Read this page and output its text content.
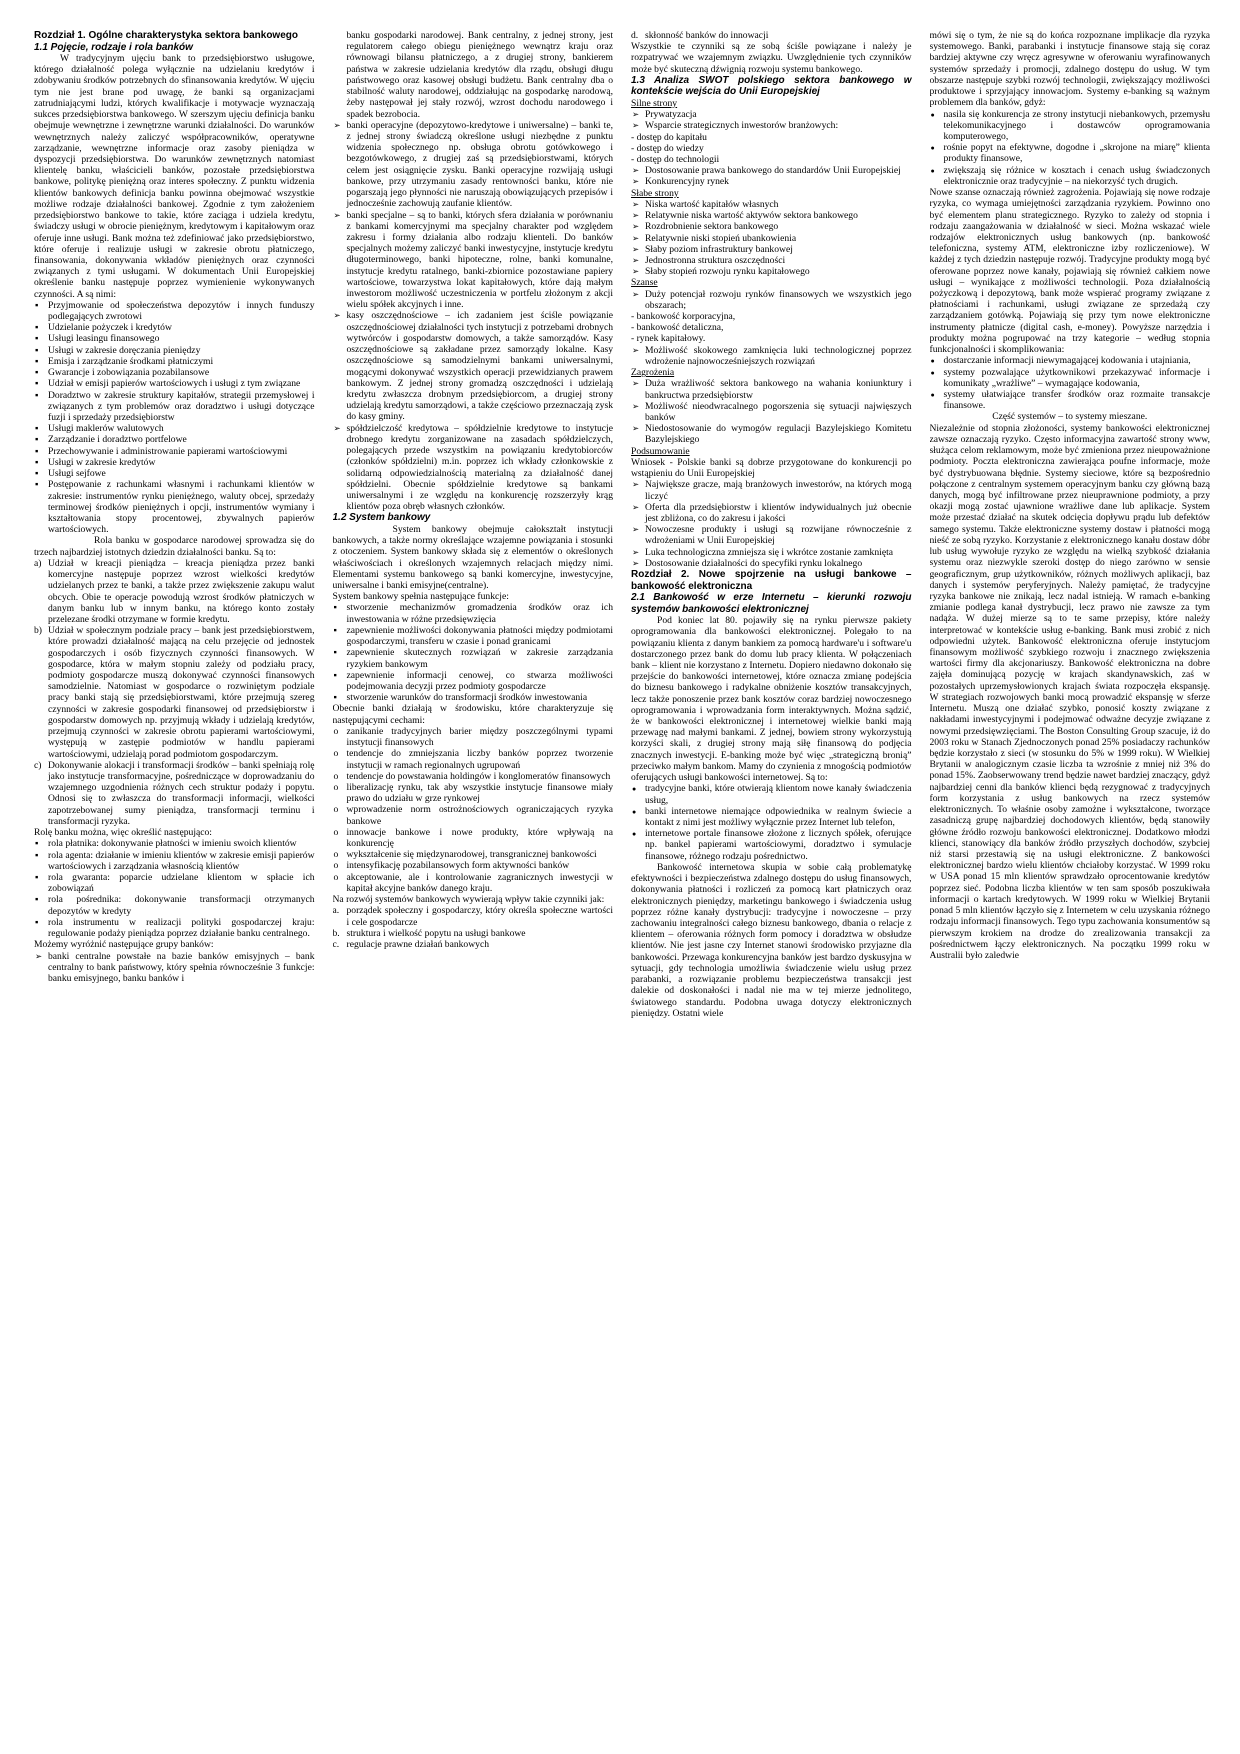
Rozdział 1. Ogólne charakterystyka sektora bankowego

1.1 Pojęcie, rodzaje i rola banków

W tradycyjnym ujęciu bank to przedsiębiorstwo usługowe, którego działalność polega wyłącznie na udzielaniu kredytów i zdobywaniu środków potrzebnych do sfinansowania kredytów. W ujęciu tym nie jest brane pod uwagę, że banki są organizacjami zatrudniającymi ludzi, których kwalifikacje i motywacje wyznaczają sukces przedsiębiorstwa bankowego. W szerszym ujęciu definicja banku obejmuje wewnętrzne i zewnętrzne warunki działalności. Do warunków wewnętrznych należy zaliczyć współpracowników, operatywne zarządzanie, wewnętrzne informacje oraz zasoby pieniądza w dyspozycji przedsiębiorstwa. Do warunków zewnętrznych natomiast klientelę banku, właścicieli banków, pozostałe przedsiębiorstwa bankowe, politykę pieniężną oraz interes społeczny. Z punktu widzenia klientów bankowych definicja banku powinna obejmować wszystkie możliwe rodzaje działalności bankowej. Zgodnie z tym założeniem przedsiębiorstwo bankowe to takie, które zaciąga i udziela kredytu, świadczy usługi w obrocie pieniężnym, kredytowym i kapitałowym oraz oferuje inne usługi. Bank można też zdefiniować jako przedsiębiorstwo, które oferuje i realizuje usługi w zakresie obrotu płatniczego, finansowania, dokonywania wkładów pieniężnych oraz czynności związanych z tymi usługami. W dokumentach Unii Europejskiej określenie banku następuje poprzez wymienienie wykonywanych czynności. A są nimi:

▪ Przyjmowanie od społeczeństwa depozytów i innych funduszy podlegających zwrotowi
▪ Udzielanie pożyczek i kredytów
▪ Usługi leasingu finansowego
▪ Usługi w zakresie doręczania pieniędzy
▪ Emisja i zarządzanie środkami płatniczymi
▪ Gwarancje i zobowiązania pozabilansowe
▪ Udział w emisji papierów wartościowych i usługi z tym związane
▪ Doradztwo w zakresie struktury kapitałów, strategii przemysłowej i związanych z tym problemów oraz doradztwo i usługi dotyczące fuzji i sprzedaży przedsiębiorstw
▪ Usługi maklerów walutowych
▪ Zarządzanie i doradztwo portfelowe
▪ Przechowywanie i administrowanie papierami wartościowymi
▪ Usługi w zakresie kredytów
▪ Usługi sejfowe
▪ Postępowanie z rachunkami własnymi i rachunkami klientów w zakresie: instrumentów rynku pieniężnego, waluty obcej, sprzedaży terminowej środków pieniężnych i opcji, instrumentów wymiany i kształtowania stopy procentowej, zbywalnych papierów wartościowych.

Rola banku w gospodarce narodowej sprowadza się do trzech najbardziej istotnych dziedzin działalności banku. Są to:

a) Udział w kreacji pieniądza – kreacja pieniądza przez banki komercyjne następuje poprzez wzrost wielkości kredytów udzielanych przez te banki, a także przez zwiększenie zakupu walut obcych. Obie te operacje powodują wzrost środków płatniczych w danym banku lub w innym banku, na którego konto zostały przelezane środki otrzymane w formie kredytu.
b) Udział w społecznym podziale pracy – bank jest przedsiębiorstwem, które prowadzi działalność mającą na celu przejęcie od jednostek gospodarczych i osób fizycznych czynności finansowych. W gospodarce, która w małym stopniu zależy od podziału pracy, podmioty gospodarcze muszą dokonywać czynności finansowych samodzielnie. Natomiast w gospodarce o rozwiniętym podziale pracy banki stają się przedsiębiorstwami, które przejmują szereg czynności w zakresie gospodarki finansowej od przedsiębiorstw i gospodarstw domowych np. przyjmują wkłady i udzielają kredytów, przejmują czynności w zakresie obrotu papierami wartościowymi, występują w zastępie podmiotów w handlu papierami wartościowymi, udzielają porad podmiotom gospodarczym.
c) Dokonywanie alokacji i transformacji środków – banki spełniają rolę jako instytucje transformacyjne, pośredniczące w doprowadzaniu do wzajemnego uzgodnienia różnych cech struktur podaży i popytu. Odnosi się to zwłaszcza do transformacji informacji, wielkości zapotrzebowanej sumy pieniądza, transformacji terminu i transformacji ryzyka.

Rolę banku można, więc określić następująco:

▪ rola płatnika: dokonywanie płatności w imieniu swoich klientów
▪ rola agenta: działanie w imieniu klientów w zakresie emisji papierów wartościowych i zarządzania własnością klientów
▪ rola gwaranta: poparcie udzielane klientom w spłacie ich zobowiązań
▪ rola pośrednika: dokonywanie transformacji otrzymanych depozytów w kredyty
▪ rola instrumentu w realizacji polityki gospodarczej kraju: regulowanie podaży pieniądza poprzez działanie banku centralnego.

Możemy wyróżnić następujące grupy banków:

➢ banki centralne powstałe na bazie banków emisyjnych – bank centralny to bank państwowy, który spełnia równocześnie 3 funkcje: banku emisyjnego, banku banków i

banku gospodarki narodowej. Bank centralny, z jednej strony, jest regulatorem całego obiegu pieniężnego wewnątrz kraju oraz równowagi bilansu płatniczego, a z drugiej strony, bankierem państwa w zakresie udzielania kredytów dla rządu, obsługi długu państwowego oraz kasowej obsługi budżetu. Bank centralny dba o stabilność waluty narodowej, oddziałując na gospodarkę narodową, żeby następował jej stały rozwój, wzrost dochodu narodowego i spadek bezrobocia.

➢ banki operacyjne (depozytowo-kredytowe i uniwersalne) – banki te, z jednej strony świadczą określone usługi niezbędne z punktu widzenia społecznego np. obsługa obrotu gotówkowego i bezgotówkowego, z drugiej zaś są przedsiębiorstwami, których celem jest osiągnięcie zysku. Banki operacyjne rozwijają usługi bankowe, przy utrzymaniu zasady rentowności banku, które nie pogarszają jego płynności nie naruszają obowiązujących przepisów i jednocześnie zachowują zaufanie klientów.
➢ banki specjalne – są to banki, których sfera działania w porównaniu z bankami komercyjnymi ma specjalny charakter pod względem zakresu i formy działania albo rodzaju klienteli. Do banków specjalnych możemy zaliczyć banki inwestycyjne, instytucje kredytu długoterminowego, banki hipoteczne, rolne, banki komunalne, instytucje kredytu ratalnego, banki-zbiornice pozostawiane papiery wartościowe, towarzystwa lokat kapitałowych, które dają małym inwestorom możliwość uczestniczenia w portfelu złożonym z akcji wielu spółek akcyjnych i inne.
➢ kasy oszczędnościowe – ich zadaniem jest ściśle powiązanie oszczędnościowej działalności tych instytucji z potrzebami drobnych wytwórców i gospodarstw domowych, a także samorządów. Kasy oszczędnościowe są zakładane przez samorządy lokalne. Kasy oszczędnościowe są samodzielnymi bankami uniwersalnymi, mogącymi dokonywać wszystkich operacji przewidzianych prawem bankowym. Z jednej strony gromadzą oszczędności i udzielają kredytu zwłaszcza drobnym przedsiębiorcom, a drugiej strony udzielają kredytu samorządowi, a także częściowo przeznaczają zysk do kasy gminy.
➢ spółdzielczość kredytowa – spółdzielnie kredytowe to instytucje drobnego kredytu zorganizowane na zasadach spółdzielczych, polegających przede wszystkim na powiązaniu kredytobiorców (członków spółdzielni) m.in. poprzez ich wkłady członkowskie z solidarną odpowiedzialnością materialną za działalność danej spółdzielni. Obecnie spółdzielnie kredytowe są bankami uniwersalnymi i ze względu na konkurencję rozszerzyły krąg klientów poza obręb własnych członków.

1.2 System bankowy

System bankowy obejmuje całokształt instytucji bankowych, a także normy określające wzajemne powiązania i stosunki z otoczeniem. System bankowy składa się z elementów o określonych właściwościach i określonych wzajemnych relacjach między nimi. Elementami systemu bankowego są banki komercyjne, inwestycyjne, uniwersalne i banki emisyjne(centralne).

System bankowy spełnia następujące funkcje:

▪ stworzenie mechanizmów gromadzenia środków oraz ich inwestowania w różne przedsięwzięcia
▪ zapewnienie możliwości dokonywania płatności między podmiotami gospodarczymi, transferu w czasie i ponad granicami
▪ zapewnienie skutecznych rozwiązań w zakresie zarządzania ryzykiem bankowym
▪ zapewnienie informacji cenowej, co stwarza możliwości podejmowania decyzji przez podmioty gospodarcze
▪ stworzenie warunków do transformacji środków inwestowania

Obecnie banki działają w środowisku, które charakteryzuje się następującymi cechami:

o zanikanie tradycyjnych barier między poszczególnymi typami instytucji finansowych
o tendencje do zmniejszania liczby banków poprzez tworzenie instytucji w ramach regionalnych ugrupowań
o tendencje do powstawania holdingów i konglomeratów finansowych
o liberalizację rynku, tak aby wszystkie instytucje finansowe miały prawo do udziału w grze rynkowej
o wprowadzenie norm ostrożnościowych ograniczających ryzyka bankowe
o innowacje bankowe i nowe produkty, które wpływają na konkurencję
o wykształcenie się międzynarodowej, transgranicznej bankowości
o intensyfikację pozabilansowych form aktywności banków
o akceptowanie, ale i kontrolowanie zagranicznych inwestycji w kapitał akcyjne banków danego kraju.

Na rozwój systemów bankowych wywierają wpływ takie czynniki jak:

a. porządek społeczny i gospodarczy, który określa społeczne wartości i cele gospodarcze
b. struktura i wielkość popytu na usługi bankowe
c. regulacje prawne działań bankowych
d. skłonność banków do innowacji

Wszystkie te czynniki są ze sobą ściśle powiązane i należy je rozpatrywać we wzajemnym związku. Uwzględnienie tych czynników może być skuteczną dźwignią rozwoju systemu bankowego.

1.3 Analiza SWOT polskiego sektora bankowego w kontekście wejścia do Unii Europejskiej

Silne strony

➢ Prywatyzacja
➢ Wsparcie strategicznych inwestorów branżowych:

- dostęp do kapitału

- dostęp do wiedzy

- dostęp do technologii

➢ Dostosowanie prawa bankowego do standardów Unii Europejskiej
➢ Konkurencyjny rynek

Słabe strony

➢ Niska wartość kapitałów własnych
➢ Relatywnie niska wartość aktywów sektora bankowego
➢ Rozdrobnienie sektora bankowego
➢ Relatywnie niski stopień ubankowienia
➢ Słaby poziom infrastruktury bankowej
➢ Jednostronna struktura oszczędności
➢ Słaby stopień rozwoju rynku kapitałowego

Szanse

➢ Duży potencjał rozwoju rynków finansowych we wszystkich jego obszarach;

- bankowość korporacyjna,

- bankowość detaliczna,

- rynek kapitałowy.

➢ Możliwość skokowego zamknięcia luki technologicznej poprzez wdrożenie najnowocześniejszych rozwiązań

Zagrożenia

➢ Duża wrażliwość sektora bankowego na wahania koniunktury i bankructwa przedsiębiorstw
➢ Możliwość nieodwracalnego pogorszenia się sytuacji najwięszych banków
➢ Niedostosowanie do wymogów regulacji Bazylejskiego Komitetu Bazylejskiego

Podsumowanie

Wniosek - Polskie banki są dobrze przygotowane do konkurencji po wstąpieniu do Unii Europejskiej

➢ Największe gracze, mają branżowych inwestorów, na których mogą liczyć
➢ Oferta dla przedsiębiorstw i klientów indywidualnych już obecnie jest zbliżona, co do zakresu i jakości
➢ Nowoczesne produkty i usługi są rozwijane równocześnie z wdrożeniami w Unii Europejskiej
➢ Luka technologiczna zmniejsza się i wkrótce zostanie zamknięta
➢ Dostosowanie działalności do specyfiki rynku lokalnego

Rozdział 2. Nowe spojrzenie na usługi bankowe – bankowość elektroniczna

2.1 Bankowość w erze Internetu – kierunki rozwoju systemów bankowości elektronicznej

Pod koniec lat 80. pojawiły się na rynku pierwsze pakiety oprogramowania dla bankowości elektronicznej. Polegało to na powiązaniu klienta z danym bankiem za pomocą hardware'u i software'u dostarczonego przez bank do domu lub pracy klienta. W połączeniach bank – klient nie korzystano z Internetu. Dopiero niedawno dokonało się przejście do bankowości internetowej, które oznacza zmianę podejścia do biznesu bankowego i radykalne obniżenie kosztów transakcyjnych, lecz także ponoszenie przez bank kosztów coraz bardziej nowoczesnego oprogramowania i wprowadzania form interaktywnych. Można sądzić, że w bankowości elektronicznej i internetowej wielkie banki mają przewagę nad małymi bankami. Z jednej, bowiem strony wykorzystują korzyści skali, z drugiej strony mają siłę finansową do podjęcia znacznych inwestycji. E-banking może być więc „strategiczną bronią” przeciwko małym bankom. Mamy do czynienia z mnogością podmiotów oferujących usługi bankowości internetowej. Są to:

● tradycyjne banki, które otwierają klientom nowe kanały świadczenia usług,
● banki internetowe niemające odpowiednika w realnym świecie a kontakt z nimi jest możliwy wyłącznie przez Internet lub telefon,
● internetowe portale finansowe złożone z licznych spółek, oferujące np. bankel papierami wartościowymi, doradztwo i symulacje finansowe, różnego rodzaju pośrednictwo.

Bankowość internetowa skupia w sobie całą problematykę efektywności i bezpieczeństwa zdalnego dostępu do usług finansowych, dokonywania płatności i rozliczeń za pomocą kart płatniczych oraz elektronicznych pieniędzy, marketingu bankowego i świadczenia usług poprzez różne kanały dystrybucji: tradycyjne i nowoczesne – przy zachowaniu integralności całego biznesu bankowego, dbania o relacje z klientem – oferowania różnych form pomocy i doradztwa w obsłudze klientów. Nie jest jasne czy Internet stanowi środowisko przyjazne dla bankowości. Przewaga konkurencyjna banków jest bardzo dyskusyjna w sytuacji, gdy technologia umożliwia świadczenie wielu usług przez parabanki, a rozwiązanie problemu bezpieczeństwa transakcji jest dalekie od doskonałości i nadal nie ma w tej mierze jednolitego, światowego standardu. Podobna uwaga dotyczy elektronicznych pieniędzy. Ostatni wiele

mówi się o tym, że nie są do końca rozpoznane implikacje dla ryzyka systemowego. Banki, parabanki i instytucje finansowe stają się coraz bardziej aktywne czy wręcz agresywne w oferowaniu wyrafinowanych systemów sprzedaży i promocji, zdalnego dostępu do usług. W tym obszarze następuje szybki rozwój technologii, zwiększający możliwości produktowe i sprzyjający innowacjom. Systemy e-banking są ważnym problemem dla banków, gdyż:

● nasila się konkurencja ze strony instytucji niebankowych, przemysłu telekomunikacyjnego i dostawców oprogramowania komputerowego,
● rośnie popyt na efektywne, dogodne i „skrojone na miarę” klienta produkty finansowe,
● zwiększają się różnice w kosztach i cenach usług świadczonych elektronicznie oraz tradycyjnie – na niekorzyść tych drugich.

Nowe szanse oznaczają również zagrożenia. Pojawiają się nowe rodzaje ryzyka, co wymaga umiejętności zarządzania ryzykiem. Powinno ono być elementem planu strategicznego. Ryzyko to zależy od stopnia i rodzaju zaangażowania w działalność w sieci. Można wskazać wiele rodzajów elektronicznych usług bankowych (np. bankowość telefoniczna, systemy ATM, elektroniczne izby rozliczeniowe). W każdej z tych dziedzin następuje rozwój. Tradycyjne produkty mogą być oferowane poprzez nowe kanały, pojawiają się również całkiem nowe usługi – wynikające z możliwości technologii. Poza działalnością pożyczkową i depozytową, bank może wspierać programy związane z płatnościami i rachunkami, usługi związane ze sprzedażą czy zarządzaniem gotówką. Pojawiają się przy tym nowe elektroniczne instrumenty płatnicze (digital cash, e-money). Powyższe narzędzia i produkty można pogrupować na trzy kategorie – według stopnia funkcjonalności i skomplikowania:

● dostarczanie informacji niewymagającej kodowania i utajniania,
● systemy pozwalające użytkownikowi przekazywać informacje i komunikaty „wrażliwe” – wymagające kodowania,
● systemy ułatwiające transfer środków oraz rozmaite transakcje finansowe.

Część systemów – to systemy mieszane.

Niezależnie od stopnia złożoności, systemy bankowości elektronicznej zawsze oznaczają ryzyko. Często informacyjna zawartość strony www, służąca celom reklamowym, może być zmieniona przez nieupoważnione podmioty. Poczta elektroniczna zawierająca poufne informacje, może być dystrybuowana błędnie. Systemy sieciowe, które są bezpośrednio połączone z centralnym systemem operacyjnym banku czy główną bazą danych, mogą być infiltrowane przez nieuprawnione podmioty, a przy okazji mogą zostać ujawnione wrażliwe dane lub aplikacje. System może przestać działać na skutek odcięcia dopływu prądu lub defektów samego systemu. Także elektroniczne systemy dostaw i płatności mogą nieść ze sobą ryzyko. Korzystanie z elektronicznego kanału dostaw dóbr lub usług wywołuje ryzyko ze względu na wielką szybkość działania systemu oraz niezwykle szeroki dostęp do niego zarówno w sensie geograficznym, grup użytkowników, różnych możliwych aplikacji, baz danych i systemów peryferyjnych. Należy pamiętać, że tradycyjne ryzyka bankowe nie znikają, lecz nadal istnieją. W ramach e-banking zmianie podlega kanał dystrybucji, lecz prawo nie zawsze za tym nadąża. W dużej mierze są to te same przepisy, które należy interpretować w kontekście usług e-banking. Bank musi zrobić z nich odpowiedni użytek. Bankowość elektroniczna oferuje instytucjom finansowym możliwość szybkiego rozwoju i znacznego zwiększenia wartości firmy dla akcjonariuszy. Bankowość elektroniczna na dobre zajęła dominującą pozycję w krajach skandynawskich, zaś w pozostałych uprzemysłowionych krajach świata rozpoczęła ekspansję. W strategiach rozwojowych banki mocą prowadzić ekspansję w sferze Internetu. Muszą one działać szybko, ponosić koszty związane z nakładami inwestycyjnymi i podejmować odważne decyzje związane z nowymi przedsięwzięciami. The Boston Consulting Group szacuje, iż do 2003 roku w Stanach Zjednoczonych ponad 25% posiadaczy rachunków będzie korzystało z sieci (w stosunku do 5% w 1999 roku). W Wielkiej Brytanii w analogicznym czasie liczba ta wzrośnie z mniej niż 3% do ponad 15%. Zaobserwowany trend będzie nawet bardziej znaczący, gdyż najbardziej cenni dla banków klienci będą rezygnować z tradycyjnych form korzystania z usług bankowych na rzecz systemów elektronicznych. To właśnie osoby zamożne i wykształcone, tworzące zasadniczą grupę najbardziej dochodowych klientów, będą stanowiły główne źródło rozwoju bankowości elektronicznej. Dodatkowo młodzi klienci, stanowiący dla banków źródło przyszłych dochodów, szybciej niż starsi przestawią się na usługi elektroniczne. Z bankowości elektronicznej bardzo wielu klientów chciałoby korzystać. W 1999 roku w USA ponad 15 mln klientów sprawdzało oprocentowanie kredytów poprzez sieć. Podobna liczba klientów w ten sam sposób poszukiwała informacji o kartach kredytowych. W 1999 roku w Wielkiej Brytanii ponad 5 mln klientów łączyło się z Internetem w celu uzyskania różnego rodzaju informacji finansowych. Tego typu zachowania konsumentów są pierwszym krokiem na drodze do zrealizowania transakcji za pośrednictwem łączy elektronicznych. Na początku 1999 roku w Australii było zaledwie
